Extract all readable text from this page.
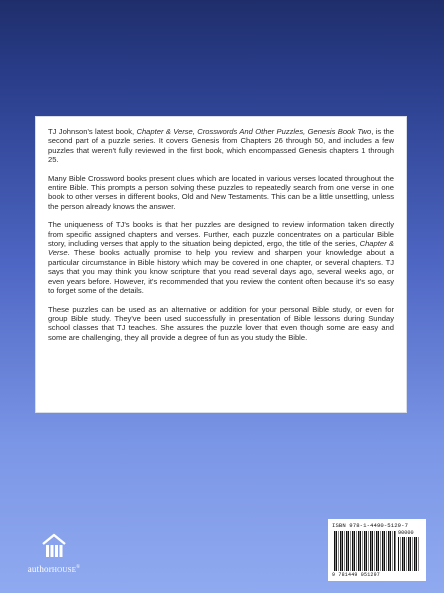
TJ Johnson's latest book, Chapter & Verse, Crosswords And Other Puzzles, Genesis Book Two, is the second part of a puzzle series. It covers Genesis from Chapters 26 through 50, and includes a few puzzles that weren't fully reviewed in the first book, which encompassed Genesis chapters 1 through 25.

Many Bible Crossword books present clues which are located in various verses located throughout the entire Bible. This prompts a person solving these puzzles to repeatedly search from one verse in one book to other verses in different books, Old and New Testaments. This can be a little unsettling, unless the person already knows the answer.

The uniqueness of TJ's books is that her puzzles are designed to review information taken directly from specific assigned chapters and verses. Further, each puzzle concentrates on a particular Bible story, including verses that apply to the situation being depicted, ergo, the title of the series, Chapter & Verse. These books actually promise to help you review and sharpen your knowledge about a particular circumstance in Bible history which may be covered in one chapter, or several chapters. TJ says that you may think you know scripture that you read several days ago, several weeks ago, or even years before. However, it's recommended that you review the content often because it's so easy to forget some of the details.

These puzzles can be used as an alternative or addition for your personal Bible study, or even for group Bible study. They've been used successfully in presentation of Bible lessons during Sunday school classes that TJ teaches. She assures the puzzle lover that even though some are easy and some are challenging, they all provide a degree of fun as you study the Bible.

authorHOUSE®
ISBN 978-1-4490-5129-7
90000
9 781449 051297
